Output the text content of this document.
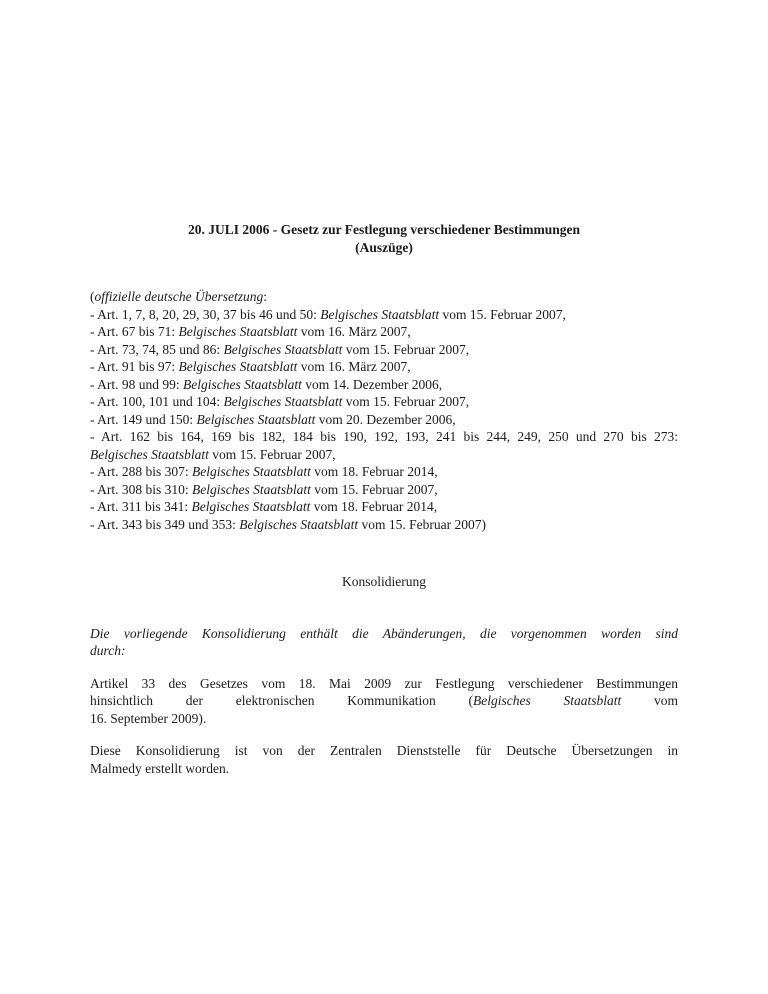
20. JULI 2006 - Gesetz zur Festlegung verschiedener Bestimmungen
(Auszüge)
(offizielle deutsche Übersetzung:
- Art. 1, 7, 8, 20, 29, 30, 37 bis 46 und 50: Belgisches Staatsblatt vom 15. Februar 2007,
- Art. 67 bis 71: Belgisches Staatsblatt vom 16. März 2007,
- Art. 73, 74, 85 und 86: Belgisches Staatsblatt vom 15. Februar 2007,
- Art. 91 bis 97: Belgisches Staatsblatt vom 16. März 2007,
- Art. 98 und 99: Belgisches Staatsblatt vom 14. Dezember 2006,
- Art. 100, 101 und 104: Belgisches Staatsblatt vom 15. Februar 2007,
- Art. 149 und 150: Belgisches Staatsblatt vom 20. Dezember 2006,
- Art. 162 bis 164, 169 bis 182, 184 bis 190, 192, 193, 241 bis 244, 249, 250 und 270 bis 273:
Belgisches Staatsblatt vom 15. Februar 2007,
- Art. 288 bis 307: Belgisches Staatsblatt vom 18. Februar 2014,
- Art. 308 bis 310: Belgisches Staatsblatt vom 15. Februar 2007,
- Art. 311 bis 341: Belgisches Staatsblatt vom 18. Februar 2014,
- Art. 343 bis 349 und 353: Belgisches Staatsblatt vom 15. Februar 2007)
Konsolidierung
Die vorliegende Konsolidierung enthält die Abänderungen, die vorgenommen worden sind
durch:
Artikel 33 des Gesetzes vom 18. Mai 2009 zur Festlegung verschiedener Bestimmungen
hinsichtlich der elektronischen Kommunikation (Belgisches Staatsblatt vom
16. September 2009).
Diese Konsolidierung ist von der Zentralen Dienststelle für Deutsche Übersetzungen in
Malmedy erstellt worden.
